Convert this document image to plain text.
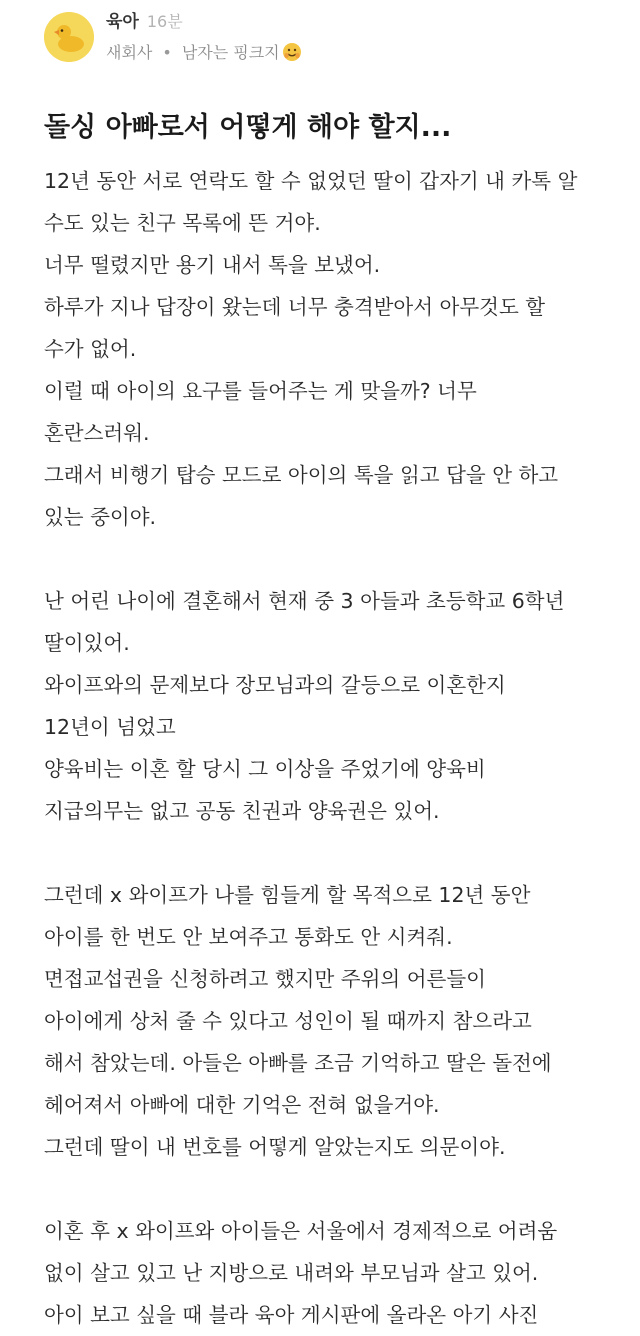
육아 16분
새회사 • 남자는 핑크지
돌싱 아빠로서 어떻게 해야 할지...
12년 동안 서로 연락도 할 수 없었던 딸이 갑자기 내 카톡 알
수도 있는 친구 목록에 뜬 거야.
너무 떨렸지만 용기 내서 톡을 보냈어.
하루가 지나 답장이 왔는데 너무 충격받아서 아무것도 할
수가 없어.
이럴 때 아이의 요구를 들어주는 게 맞을까? 너무
혼란스러워.
그래서 비행기 탑승 모드로 아이의 톡을 읽고 답을 안 하고
있는 중이야.
난 어린 나이에 결혼해서 현재 중 3 아들과 초등학교 6학년
딸이있어.
와이프와의 문제보다 장모님과의 갈등으로 이혼한지
12년이 넘었고
양육비는 이혼 할 당시 그 이상을 주었기에 양육비
지급의무는 없고 공동 친권과 양육권은 있어.
그런데 x 와이프가 나를 힘들게 할 목적으로 12년 동안
아이를 한 번도 안 보여주고 통화도 안 시켜줘.
면접교섭권을 신청하려고 했지만 주위의 어른들이
아이에게 상처 줄 수 있다고 성인이 될 때까지 참으라고
해서 참았는데. 아들은 아빠를 조금 기억하고 딸은 돌전에
헤어져서 아빠에 대한 기억은 전혀 없을거야.
그런데 딸이 내 번호를 어떻게 알았는지도 의문이야.
이혼 후 x 와이프와 아이들은 서울에서 경제적으로 어려움
없이 살고 있고 난 지방으로 내려와 부모님과 살고 있어.
아이 보고 싶을 때 블라 육아 게시판에 올라온 아기 사진
